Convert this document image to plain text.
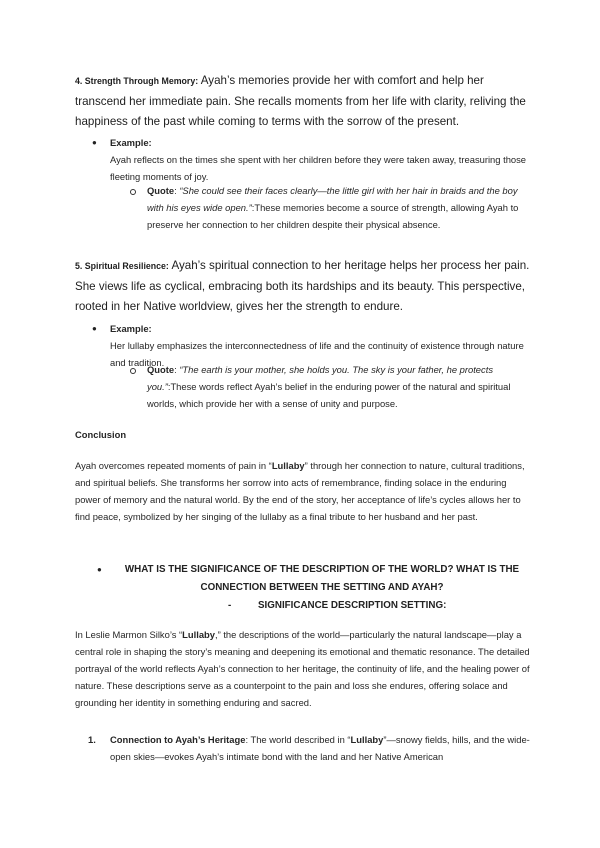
4. Strength Through Memory: Ayah’s memories provide her with comfort and help her transcend her immediate pain. She recalls moments from her life with clarity, reliving the happiness of the past while coming to terms with the sorrow of the present.
● Example:
Ayah reflects on the times she spent with her children before they were taken away, treasuring those fleeting moments of joy.
Quote: “She could see their faces clearly—the little girl with her hair in braids and the boy with his eyes wide open.”:These memories become a source of strength, allowing Ayah to preserve her connection to her children despite their physical absence.
5. Spiritual Resilience: Ayah’s spiritual connection to her heritage helps her process her pain. She views life as cyclical, embracing both its hardships and its beauty. This perspective, rooted in her Native worldview, gives her the strength to endure.
● Example:
Her lullaby emphasizes the interconnectedness of life and the continuity of existence through nature and tradition.
Quote: “The earth is your mother, she holds you. The sky is your father, he protects you.”:These words reflect Ayah’s belief in the enduring power of the natural and spiritual worlds, which provide her with a sense of unity and purpose.
Conclusion
Ayah overcomes repeated moments of pain in “Lullaby” through her connection to nature, cultural traditions, and spiritual beliefs. She transforms her sorrow into acts of remembrance, finding solace in the enduring power of memory and the natural world. By the end of the story, her acceptance of life’s cycles allows her to find peace, symbolized by her singing of the lullaby as a final tribute to her husband and her past.
●	WHAT IS THE SIGNIFICANCE OF THE DESCRIPTION OF THE WORLD? WHAT IS THE
CONNECTION BETWEEN THE SETTING AND AYAH?
-	SIGNIFICANCE DESCRIPTION SETTING:
In Leslie Marmon Silko’s “Lullaby,” the descriptions of the world—particularly the natural landscape—play a central role in shaping the story’s meaning and deepening its emotional and thematic resonance. The detailed portrayal of the world reflects Ayah’s connection to her heritage, the continuity of life, and the healing power of nature. These descriptions serve as a counterpoint to the pain and loss she endures, offering solace and grounding her identity in something enduring and sacred.
1.	Connection to Ayah’s Heritage: The world described in “Lullaby”—snowy fields, hills, and the wide-open skies—evokes Ayah’s intimate bond with the land and her Native American
